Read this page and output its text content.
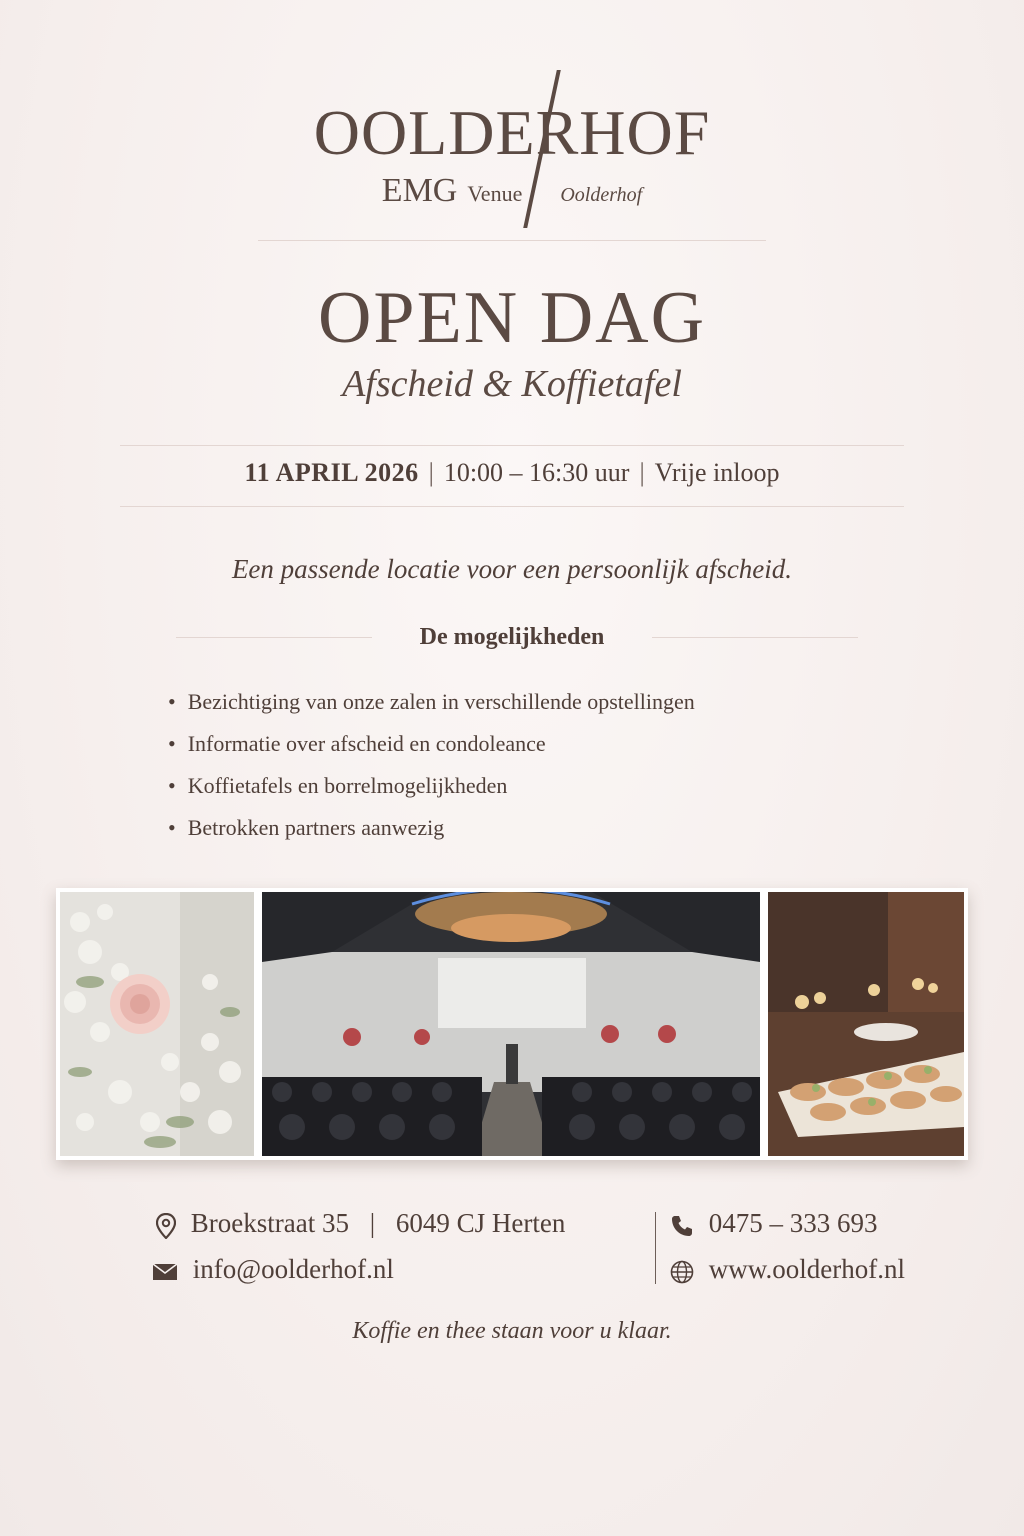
OOLDERHOF
EMG Venue Oolderhof
OPEN DAG
Afscheid & Koffietafel
11 APRIL 2026 | 10:00 – 16:30 uur | Vrije inloop
Een passende locatie voor een persoonlijk afscheid.
De mogelijkheden
• Bezichtiging van onze zalen in verschillende opstellingen
• Informatie over afscheid en condoleance
• Koffietafels en borrelmogelijkheden
• Betrokken partners aanwezig
Broekstraat 35 | 6049 CJ Herten
info@oolderhof.nl
0475 – 333 693
www.oolderhof.nl
Koffie en thee staan voor u klaar.
